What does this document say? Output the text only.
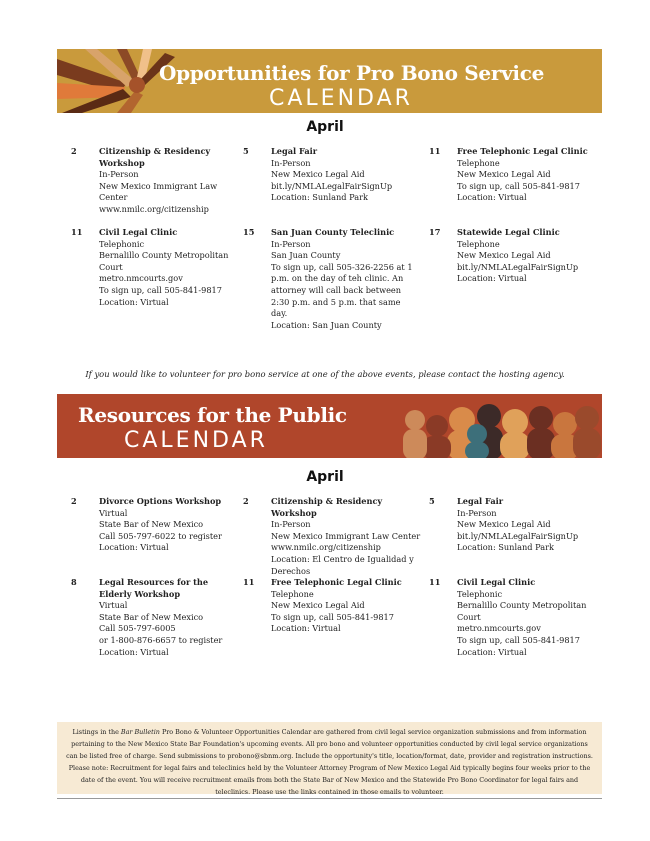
Opportunities for Pro Bono Service
CALENDAR
April
2	Citizenship & Residency Workshop
In-Person
New Mexico Immigrant Law Center
www.nmilc.org/citizenship
5	Legal Fair
In-Person
New Mexico Legal Aid
bit.ly/NMLALegalFairSignUp
Location: Sunland Park
11 Free Telephonic Legal Clinic
Telephone
New Mexico Legal Aid
To sign up, call 505-841-9817
Location: Virtual
11 Civil Legal Clinic
Telephonic
Bernalillo County Metropolitan Court
metro.nmcourts.gov
To sign up, call 505-841-9817
Location: Virtual
15 San Juan County Teleclinic
In-Person
San Juan County
To sign up, call 505-326-2256 at 1 p.m. on the day of teh clinic. An attorney will call back between 2:30 p.m. and 5 p.m. that same day.
Location: San Juan County
17 Statewide Legal Clinic
Telephone
New Mexico Legal Aid
bit.ly/NMLALegalFairSignUp
Location: Virtual
If you would like to volunteer for pro bono service at one of the above events, please contact the hosting agency.
Resources for the Public
CALENDAR
April
2	Divorce Options Workshop
Virtual
State Bar of New Mexico
Call 505-797-6022 to register
Location: Virtual
2	Citizenship & Residency Workshop
In-Person
New Mexico Immigrant Law Center
www.nmilc.org/citizenship
Location: El Centro de Igualidad y Derechos
5	Legal Fair
In-Person
New Mexico Legal Aid
bit.ly/NMLALegalFairSignUp
Location: Sunland Park
8	Legal Resources for the Elderly Workshop
Virtual
State Bar of New Mexico
Call 505-797-6005
or 1-800-876-6657 to register
Location: Virtual
11 Free Telephonic Legal Clinic
Telephone
New Mexico Legal Aid
To sign up, call 505-841-9817
Location: Virtual
11 Civil Legal Clinic
Telephonic
Bernalillo County Metropolitan Court
metro.nmcourts.gov
To sign up, call 505-841-9817
Location: Virtual

Listings in the Bar Bulletin Pro Bono & Volunteer Opportunities Calendar are gathered from civil legal service organization submissions and from information pertaining to the New Mexico State Bar Foundation's upcoming events. All pro bono and volunteer opportunities conducted by civil legal service organizations can be listed free of charge. Send submissions to probono@sbnm.org. Include the opportunity's title, location/format, date, provider and registration instructions. Please note: Recruitment for legal fairs and teleclinics held by the Volunteer Attorney Program of New Mexico Legal Aid typically begins four weeks prior to the date of the event. You will receive recruitment emails from both the State Bar of New Mexico and the Statewide Pro Bono Coordinator for legal fairs and teleclinics. Please use the links contained in those emails to volunteer.
